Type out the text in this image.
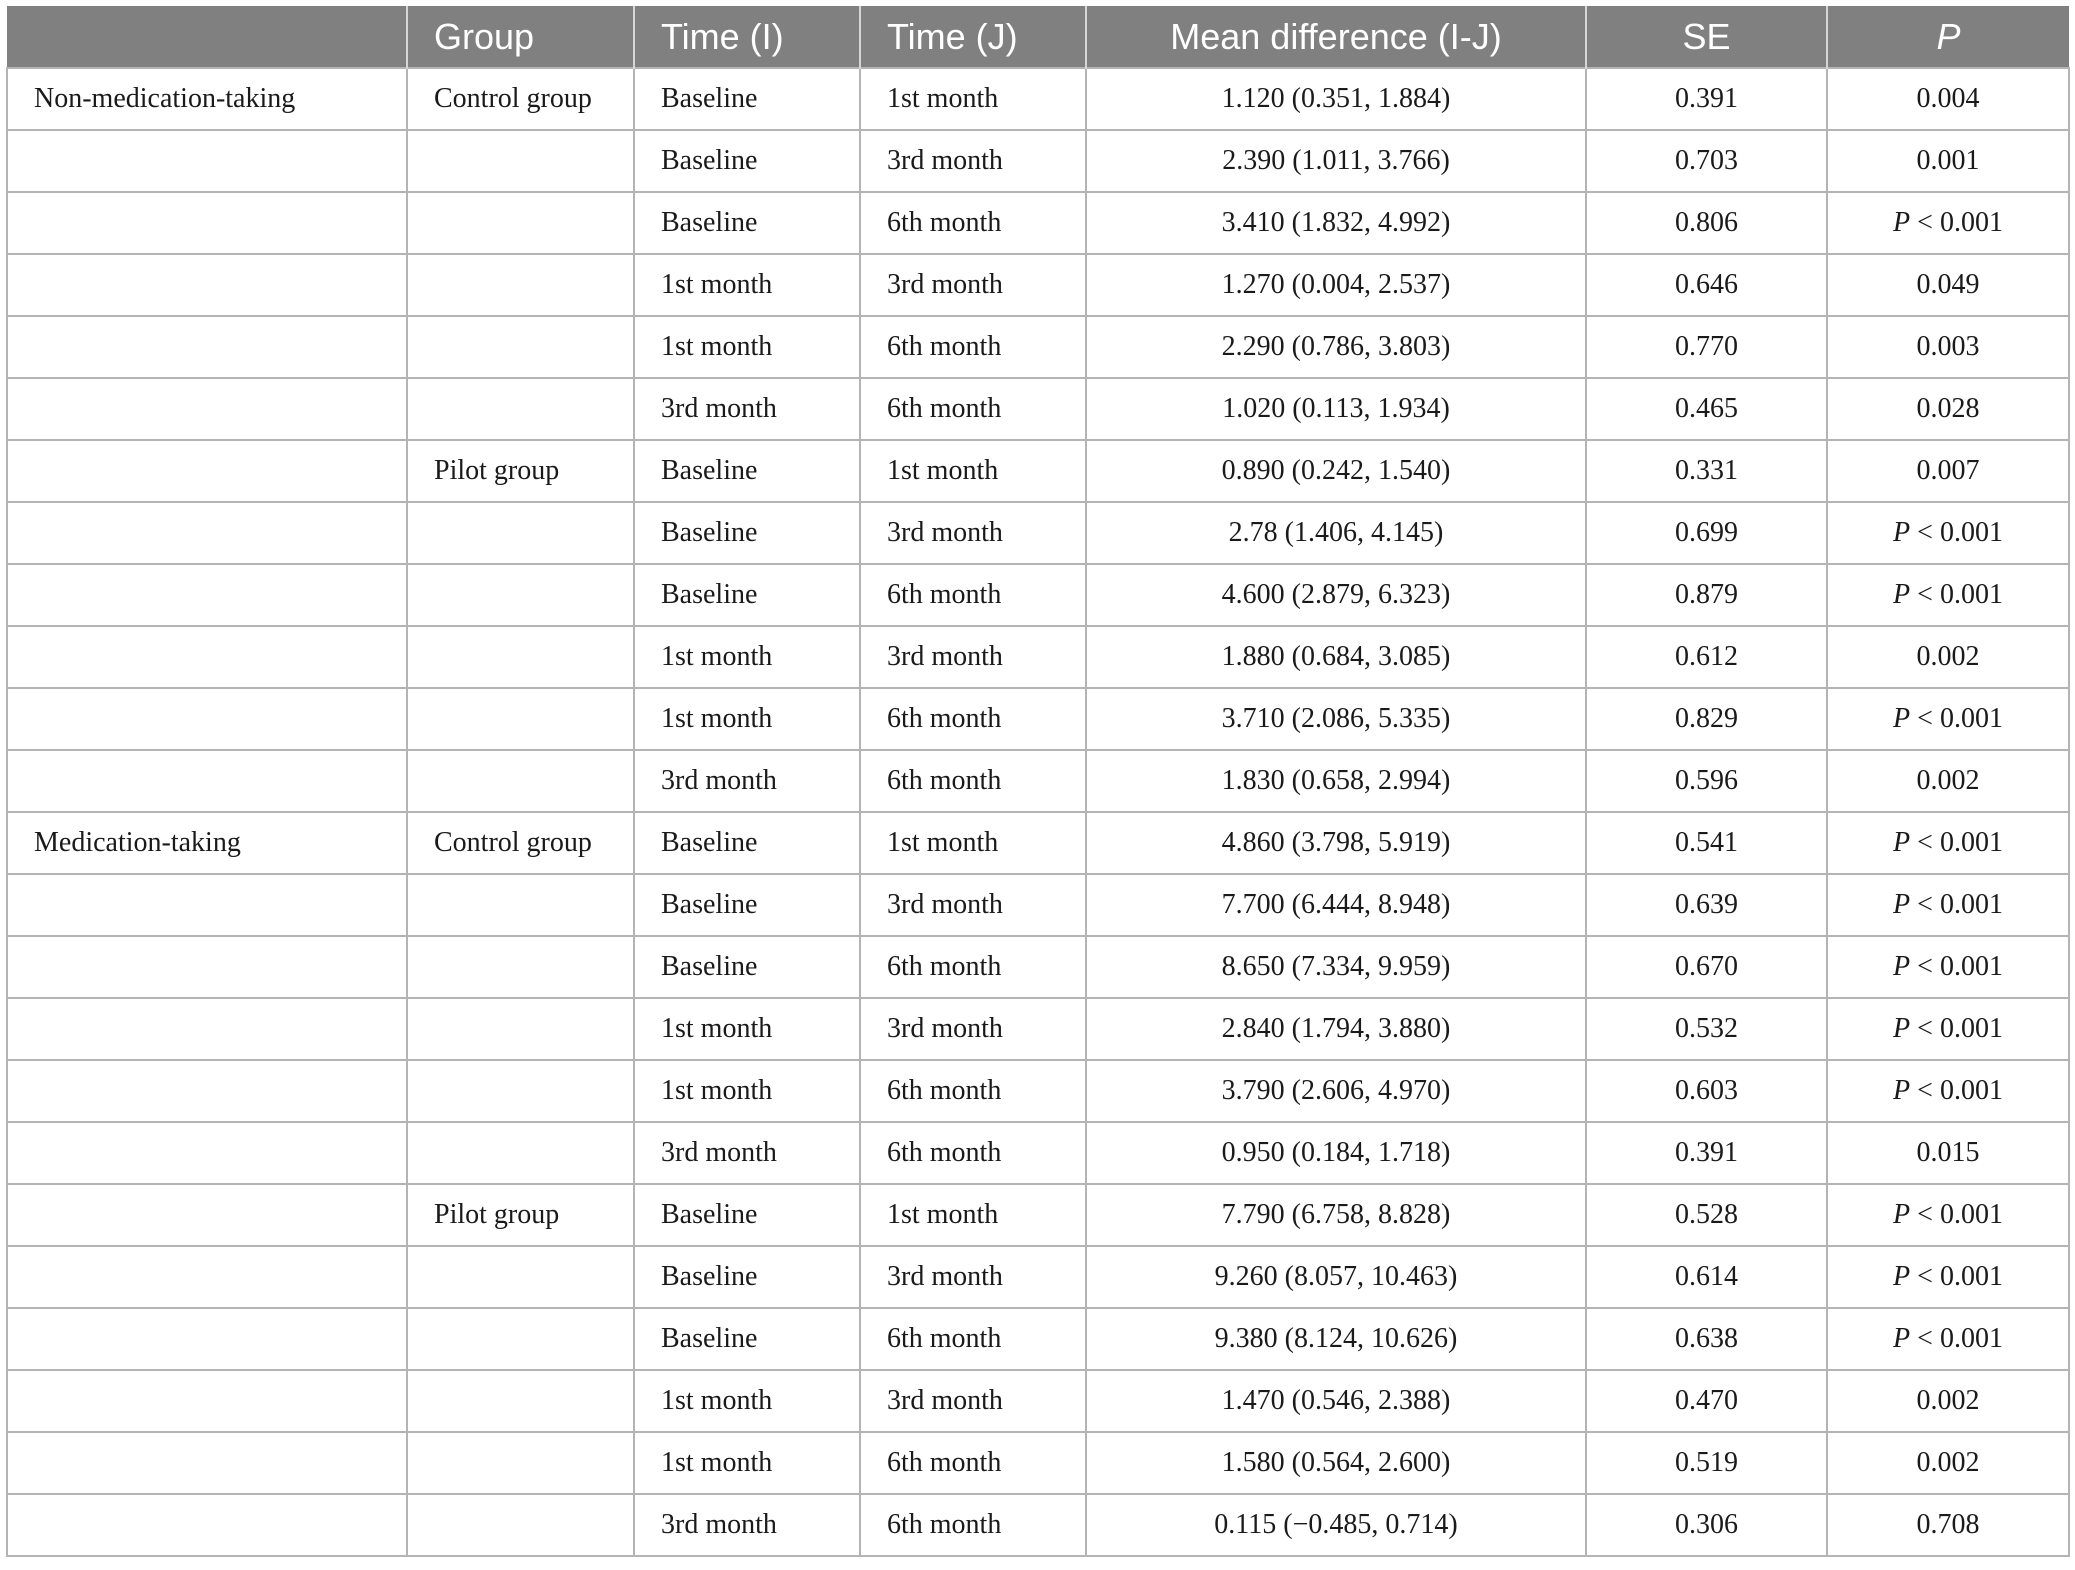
	Group	Time (I)	Time (J)	Mean difference (I-J)	SE	P
Non-medication-taking	Control group	Baseline	1st month	1.120 (0.351, 1.884)	0.391	0.004
		Baseline	3rd month	2.390 (1.011, 3.766)	0.703	0.001
		Baseline	6th month	3.410 (1.832, 4.992)	0.806	P < 0.001
		1st month	3rd month	1.270 (0.004, 2.537)	0.646	0.049
		1st month	6th month	2.290 (0.786, 3.803)	0.770	0.003
		3rd month	6th month	1.020 (0.113, 1.934)	0.465	0.028
	Pilot group	Baseline	1st month	0.890 (0.242, 1.540)	0.331	0.007
		Baseline	3rd month	2.78 (1.406, 4.145)	0.699	P < 0.001
		Baseline	6th month	4.600 (2.879, 6.323)	0.879	P < 0.001
		1st month	3rd month	1.880 (0.684, 3.085)	0.612	0.002
		1st month	6th month	3.710 (2.086, 5.335)	0.829	P < 0.001
		3rd month	6th month	1.830 (0.658, 2.994)	0.596	0.002
Medication-taking	Control group	Baseline	1st month	4.860 (3.798, 5.919)	0.541	P < 0.001
		Baseline	3rd month	7.700 (6.444, 8.948)	0.639	P < 0.001
		Baseline	6th month	8.650 (7.334, 9.959)	0.670	P < 0.001
		1st month	3rd month	2.840 (1.794, 3.880)	0.532	P < 0.001
		1st month	6th month	3.790 (2.606, 4.970)	0.603	P < 0.001
		3rd month	6th month	0.950 (0.184, 1.718)	0.391	0.015
	Pilot group	Baseline	1st month	7.790 (6.758, 8.828)	0.528	P < 0.001
		Baseline	3rd month	9.260 (8.057, 10.463)	0.614	P < 0.001
		Baseline	6th month	9.380 (8.124, 10.626)	0.638	P < 0.001
		1st month	3rd month	1.470 (0.546, 2.388)	0.470	0.002
		1st month	6th month	1.580 (0.564, 2.600)	0.519	0.002
		3rd month	6th month	0.115 (−0.485, 0.714)	0.306	0.708
